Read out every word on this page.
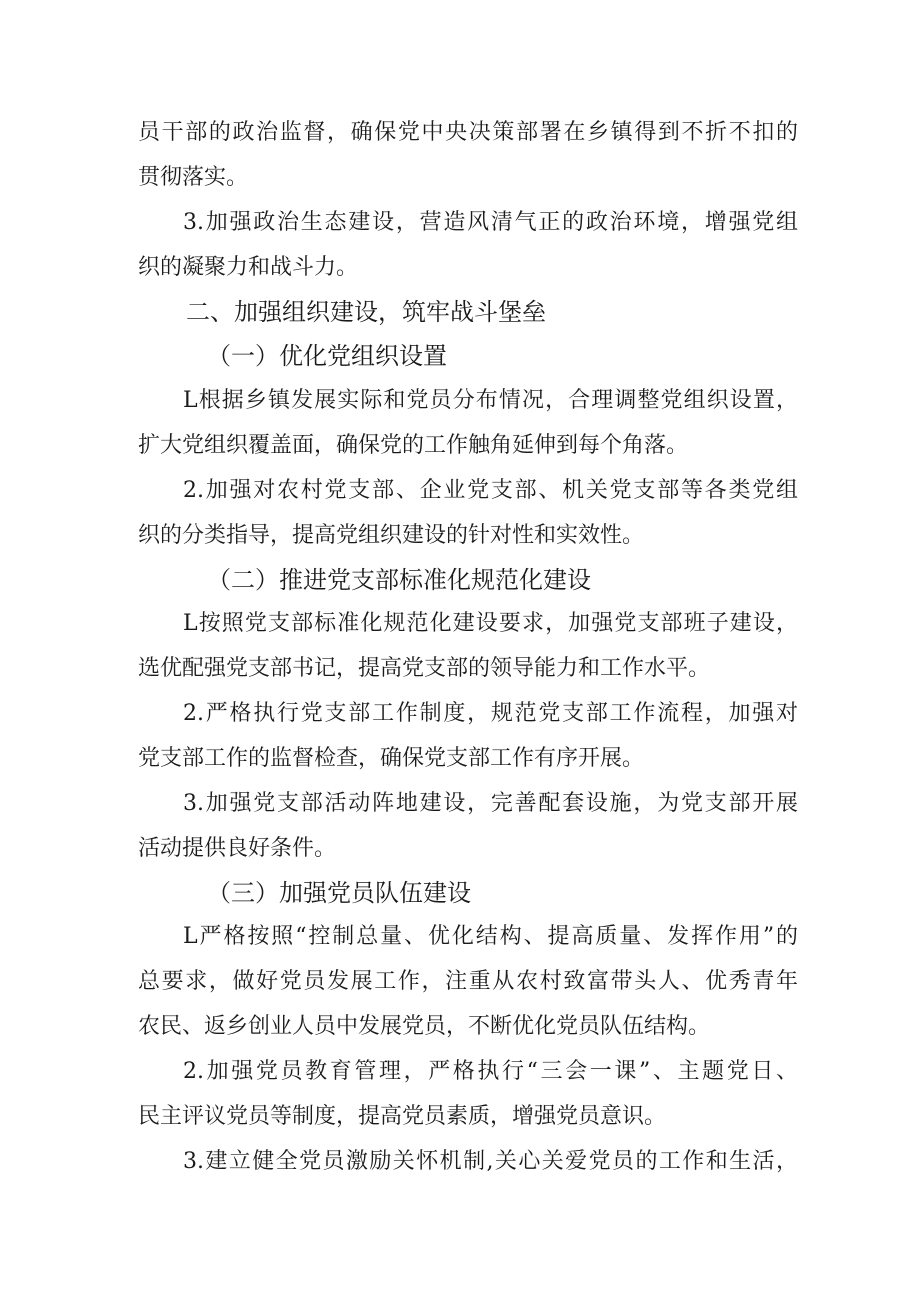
员干部的政治监督，确保党中央决策部署在乡镇得到不折不扣的
贯彻落实。
3.加强政治生态建设，营造风清气正的政治环境，增强党组
织的凝聚力和战斗力。
二、加强组织建设，筑牢战斗堡垒
（一）优化党组织设置
L根据乡镇发展实际和党员分布情况，合理调整党组织设置，
扩大党组织覆盖面，确保党的工作触角延伸到每个角落。
2.加强对农村党支部、企业党支部、机关党支部等各类党组
织的分类指导，提高党组织建设的针对性和实效性。
（二）推进党支部标准化规范化建设
L按照党支部标准化规范化建设要求，加强党支部班子建设，
选优配强党支部书记，提高党支部的领导能力和工作水平。
2.严格执行党支部工作制度，规范党支部工作流程，加强对
党支部工作的监督检查，确保党支部工作有序开展。
3.加强党支部活动阵地建设，完善配套设施，为党支部开展
活动提供良好条件。
（三）加强党员队伍建设
L严格按照“控制总量、优化结构、提高质量、发挥作用”的
总要求，做好党员发展工作，注重从农村致富带头人、优秀青年
农民、返乡创业人员中发展党员，不断优化党员队伍结构。
2.加强党员教育管理，严格执行“三会一课”、主题党日、
民主评议党员等制度，提高党员素质，增强党员意识。
3.建立健全党员激励关怀机制,关心关爱党员的工作和生活，
